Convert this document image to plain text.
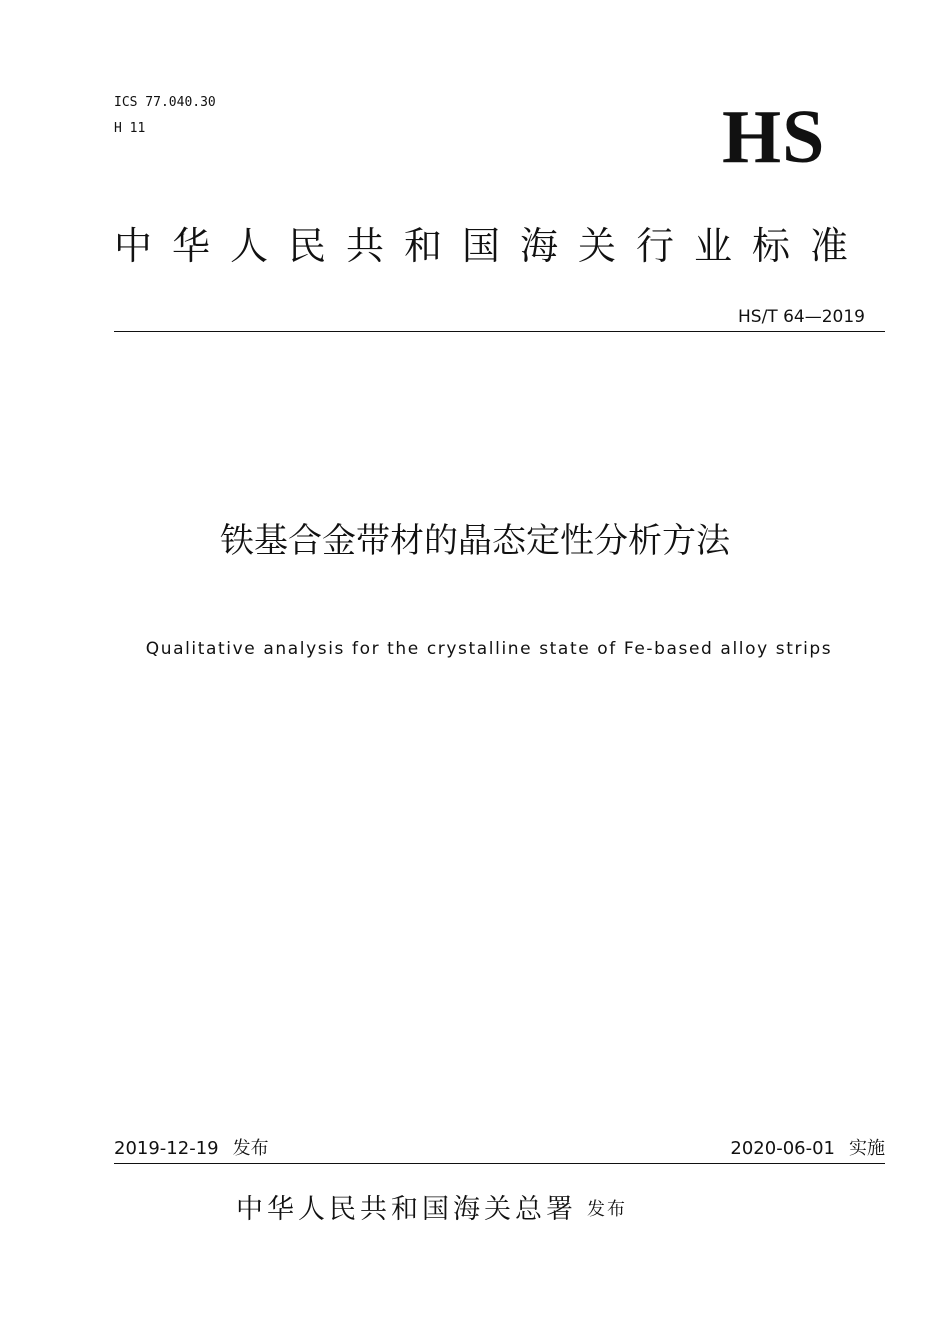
ICS 77.040.30
H 11	HS
中华人民共和国海关行业标准
HS/T 64—2019
铁基合金带材的晶态定性分析方法
Qualitative analysis for the crystalline state of Fe-based alloy strips
2019-12-19 发布	2020-06-01 实施
中华人民共和国海关总署 发布
